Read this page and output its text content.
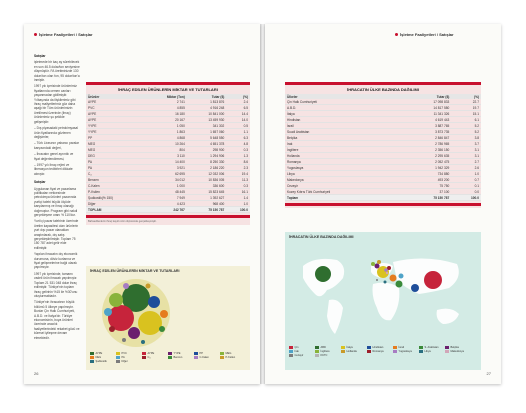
İşletme Faaliyetleri / Satışlar
Satışlar
işletmede bir kaç ay sürebilecek en son 46.5 dolar/ton seviyesine düşmüştür. FA üretiminizde 130 dolar/ton olan fon, 95 dolar/ton'a inmiştir.
1997 yılı içerisinde ürünlerimiz fiyatlarında cemen canları yaşanmadan gidilmiştir. Yılbaşında da ilişkilerimiz gibi ihraç maliyetlerimiz göz daha aşağı bir Tüm ürünlerimizin üretilmesi üzerinde (ihraç) ürünlerimiz şu şekilde gelişmiştir:
– Dış piyasadaki petrokimyasal ürün fiyatlarında gözlenen değişimler,
– Türk Lirasının yabancı paralar karşısındaki değeri,
– İhracatın genel ayrıntılı ve fiyat değerlendirmesi,
– 1997 yılı ihraç rejimi ve liberasyon tedbirleri dikkate alınıştır.
Satışlar
Uygulanan fiyat ve pazarlama politikaları neticesinde petrokimya ürünleri pazarında yurtiçi talebi büyük ölçüde karşılanmış ve ihraç olanağı doğmuştur. Program gibi nakdi gerçekleşme oranı % 110'dur.
Yurt içi pazar talebinin üzerinde üretim kapasitesi olan ürünlerin yurt dışı pazar olanakları araştırılarak, dış satış gerçekleştirilmiştir. Toplam 75 150 787 adet gelir elde edilmiştir.
Yapılan ihracatın dış ekonomik durumuna, döviz kurlarına ve fiyat gelişmelerine bağlı olarak yapılmıştır.
1997 yılı içerisinde, tamamı vadeli ürün ihracatı yapılmıştır. Toplam 21 531 048 dolar ihraç edilmiştir. Türkiye'nin toplam ihraç gelirinin %15 ile %30'unu oluşturmaktadır.
Türkiye'nin ihracatının büyük bölümü 5 ülkeye yapılmıştır. Bunlar Çin Halk Cumhuriyeti, A.B.D. ve İtalya'dır. Türkiye ekonomisinin, boya ürünleri üzerinde aracılık faaliyetlerindeki rekabet gücü ve küresel iyileşme devam etmektedir.
İHRAÇ EDİLEN ÜRÜNLERİN MİKTAR VE TUTARLARI
Ürünler	Miktar (Ton)	Tutar ($)	(%)
AYPE	2 741	1 813 876	2.4
PVC	4 855	4 916 248	6.5
AYPE	16 180	10 841 000	14.4
AYPE	20 167	13 459 930	14.0
YYPE	1 050	341 302	0.5
YYPE	1 863	1 657 060	1.1
PP	4 868	5 648 550	6.3
MEG	10 264	4 651 378	4.8
MEG	804	298 900	0.3
DEG	3 110	1 294 906	1.3
PA	14 400	8 250 330	8.6
PA	3 921	2 186 220	2.3
C₄	62 695	12 032 006	19.4
Benzen	34 012	10 836 005	11.3
C-Kalen	1 000	336 600	0.3
P-Ksilen	48 445	15 823 645	16.1
Şudkostik(% 150)	7 949	1 392 627	1.4
Diğer	4 423	968 400	1.0
TOPLAM	242 767	75 150 787	100.0
Bahsedilenlerin ihraç kayıtlı ürün ölçüsünde gerçekleşmiştir.
İHRAÇ EDİLEN ÜRÜNLERİN MİKTAR VE TUTARLARI
AYPE	PVC	AYPE	YYPE	PP	MEG
DEG	PA	C₄	Benzen	C-Kalen	P-Ksilen
Şudkostik	Diğer
26
İşletme Faaliyetleri / Satışlar
İHRACATIN ÜLKE BAZINDA DAĞILIMI
Ülkeler	Tutar ($)	(%)
Çin Halk Cumhuriyeti	17 098 833	22.7
A.B.D.	14 817 580	19.7
İtalya	11 341 326	15.1
Hindistan	4 619 443	6.1
İsrail	3 887 765	5.2
Suudi Arabistan	3 873 735	5.2
Belçika	2 846 847	3.8
Irak	2 786 965	3.7
İngiltere	2 356 150	3.1
Hollanda	2 295 635	3.1
Romanya	2 052 475	2.7
Yugoslavya	1 942 329	2.6
Libya	734 880	1.0
Makedonya	493 200	0.7
Cezayir	75 750	0.1
Kuzey Kıbrıs Türk Cumhuriyeti	37 100	0.0
Toplam	75 150 787	100.0
İHRACATIN ÜLKE BAZINDA DAĞILIMI
Çin	ABD	İtalya	Hindistan	İsrail	S. Arabistan	Belçika
Irak	İngiltere	Hollanda	Romanya	Yugoslavya	Libya	Makedonya
Cezayir	KKTC
27
